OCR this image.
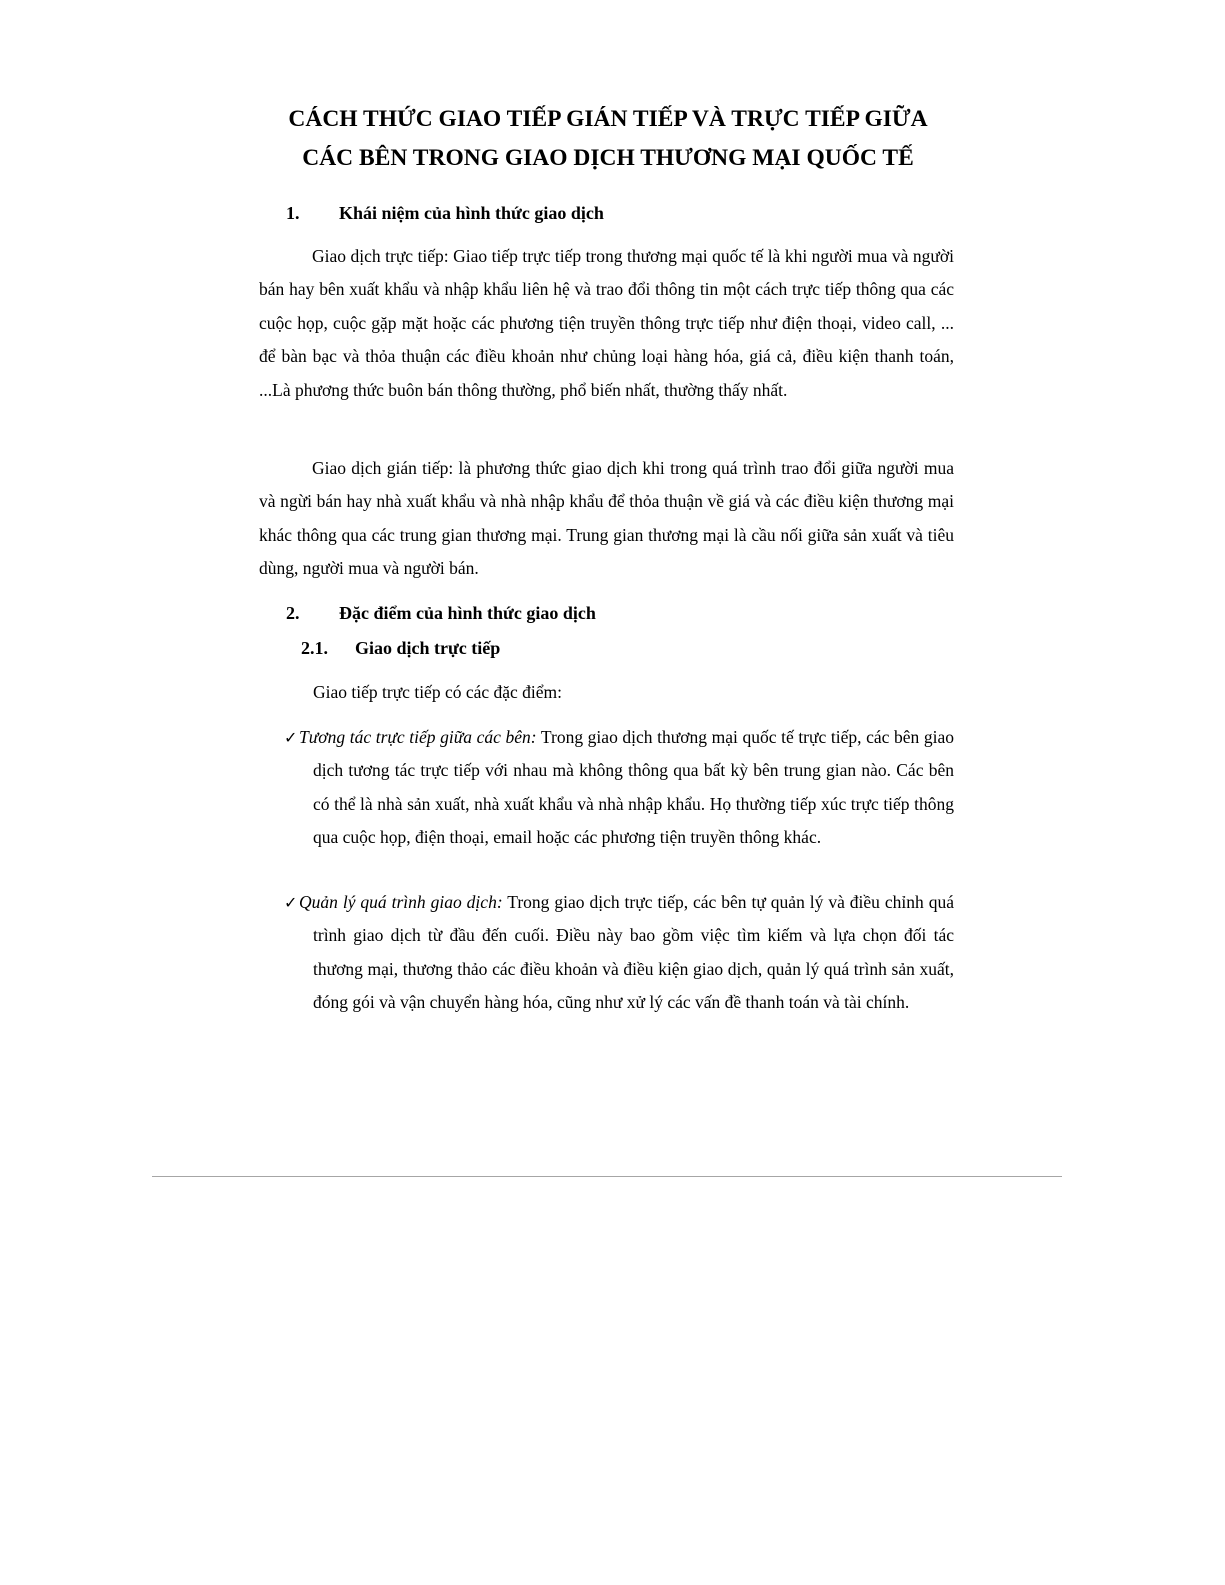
CÁCH THỨC GIAO TIẾP GIÁN TIẾP VÀ TRỰC TIẾP GIỮA
CÁC BÊN TRONG GIAO DỊCH THƯƠNG MẠI QUỐC TẾ
1. Khái niệm của hình thức giao dịch

Giao dịch trực tiếp: Giao tiếp trực tiếp trong thương mại quốc tế là khi người mua và người bán hay bên xuất khẩu và nhập khẩu liên hệ và trao đổi thông tin một cách trực tiếp thông qua các cuộc họp, cuộc gặp mặt hoặc các phương tiện truyền thông trực tiếp như điện thoại, video call, ... để bàn bạc và thỏa thuận các điều khoản như chủng loại hàng hóa, giá cả, điều kiện thanh toán, ...Là phương thức buôn bán thông thường, phổ biến nhất, thường thấy nhất.

Giao dịch gián tiếp: là phương thức giao dịch khi trong quá trình trao đổi giữa người mua và ngừi bán hay nhà xuất khẩu và nhà nhập khẩu để thỏa thuận về giá và các điều kiện thương mại khác thông qua các trung gian thương mại. Trung gian thương mại là cầu nối giữa sản xuất và tiêu dùng, người mua và người bán.

2. Đặc điểm của hình thức giao dịch
2.1. Giao dịch trực tiếp

Giao tiếp trực tiếp có các đặc điểm:

✓ Tương tác trực tiếp giữa các bên: Trong giao dịch thương mại quốc tế trực tiếp, các bên giao dịch tương tác trực tiếp với nhau mà không thông qua bất kỳ bên trung gian nào. Các bên có thể là nhà sản xuất, nhà xuất khẩu và nhà nhập khẩu. Họ thường tiếp xúc trực tiếp thông qua cuộc họp, điện thoại, email hoặc các phương tiện truyền thông khác.
✓ Quản lý quá trình giao dịch: Trong giao dịch trực tiếp, các bên tự quản lý và điều chỉnh quá trình giao dịch từ đầu đến cuối. Điều này bao gồm việc tìm kiếm và lựa chọn đối tác thương mại, thương thảo các điều khoản và điều kiện giao dịch, quản lý quá trình sản xuất, đóng gói và vận chuyển hàng hóa, cũng như xử lý các vấn đề thanh toán và tài chính.
